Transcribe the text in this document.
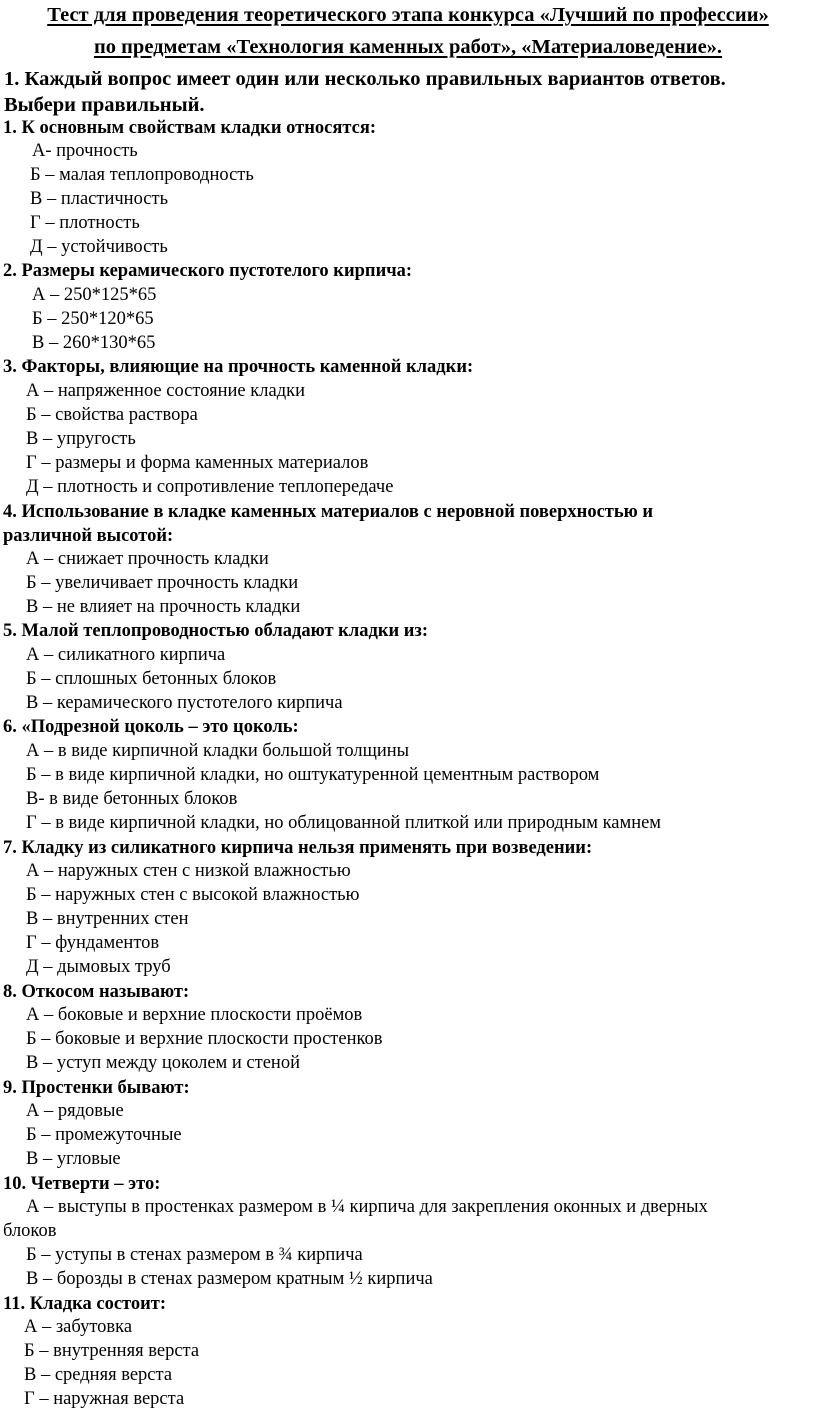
Тест для проведения теоретического этапа конкурса «Лучший по профессии»
по предметам «Технология каменных работ», «Материаловедение».
1. Каждый вопрос имеет один или несколько правильных вариантов ответов.
Выбери правильный.
1. К основным свойствам кладки относятся:
А- прочность
Б – малая теплопроводность
В – пластичность
Г – плотность
Д – устойчивость
2. Размеры керамического пустотелого кирпича:
А – 250*125*65
Б – 250*120*65
В – 260*130*65
3. Факторы, влияющие на прочность каменной кладки:
А – напряженное состояние кладки
Б – свойства раствора
В – упругость
Г – размеры и форма каменных материалов
Д – плотность и сопротивление теплопередаче
4. Использование в кладке каменных материалов с неровной поверхностью и
различной высотой:
А – снижает прочность кладки
Б – увеличивает прочность кладки
В – не влияет на прочность кладки
5. Малой теплопроводностью обладают кладки из:
А – силикатного кирпича
Б – сплошных бетонных блоков
В – керамического пустотелого кирпича
6. «Подрезной цоколь – это цоколь:
А – в виде кирпичной кладки большой толщины
Б – в виде кирпичной кладки, но оштукатуренной цементным раствором
В- в виде бетонных блоков
Г – в виде кирпичной кладки, но облицованной плиткой или природным камнем
7. Кладку из силикатного кирпича нельзя применять при возведении:
А – наружных стен с низкой влажностью
Б – наружных стен с высокой влажностью
В – внутренних стен
Г – фундаментов
Д – дымовых труб
8. Откосом называют:
А – боковые и верхние плоскости проёмов
Б – боковые и верхние плоскости простенков
В – уступ между цоколем и стеной
9. Простенки бывают:
А – рядовые
Б – промежуточные
В – угловые
10. Четверти – это:
А – выступы в простенках размером в ¼ кирпича для закрепления оконных и дверных
блоков
Б – уступы в стенах размером в ¾ кирпича
В – борозды в стенах размером кратным ½ кирпича
11. Кладка состоит:
А – забутовка
Б – внутренняя верста
В – средняя верста
Г – наружная верста
